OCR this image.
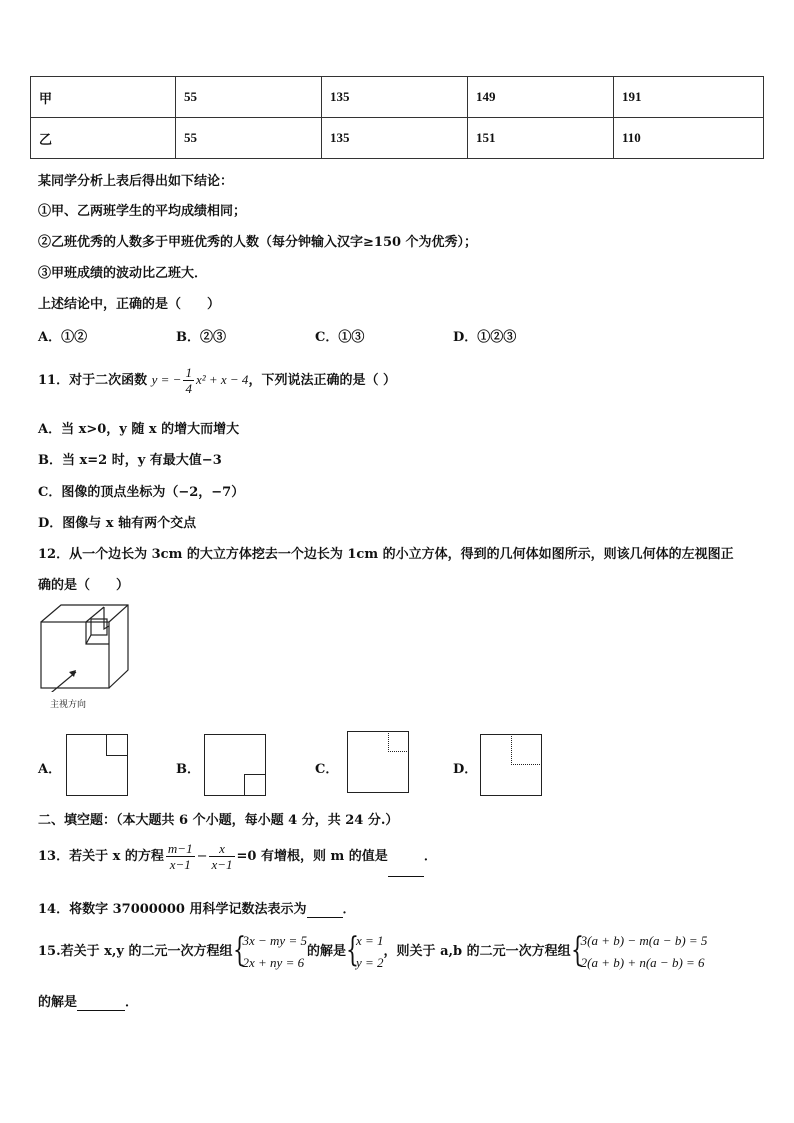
甲	55	135	149	191
乙	55	135	151	110
某同学分析上表后得出如下结论：
①甲、乙两班学生的平均成绩相同；
②乙班优秀的人数多于甲班优秀的人数（每分钟输入汉字≥150 个为优秀）；
③甲班成绩的波动比乙班大．
上述结论中，正确的是（　　）
A．①②	B．②③	C．①③	D．①②③
11．对于二次函数 y = − $\frac{1}{4} x^2 + x - 4$，下列说法正确的是（ ）
A．当 x>0，y 随 x 的增大而增大
B．当 x=2 时，y 有最大值−3
C．图像的顶点坐标为（−2，−7）
D．图像与 x 轴有两个交点
12．从一个边长为 3cm 的大立方体挖去一个边长为 1cm 的小立方体，得到的几何体如图所示，则该几何体的左视图正
确的是（　　）
主视方向
A．	B．	C．	D．
二、填空题：（本大题共 6 个小题，每小题 4 分，共 24 分.）
13．若关于 x 的方程 $\frac{m-1}{x-1} - \frac{x}{x-1} =0$ 有增根，则 m 的值是	．
14．将数字 37000000 用科学记数法表示为	．
15.若关于 x,y 的二元一次方程组 {
3x − my = 5
2x + ny = 6
的解是 {
x = 1
y = 2
，则关于 a,b 的二元一次方程组 {
3(a + b) − m(a − b) = 5
2(a + b) + n(a − b) = 6
的解是	．
